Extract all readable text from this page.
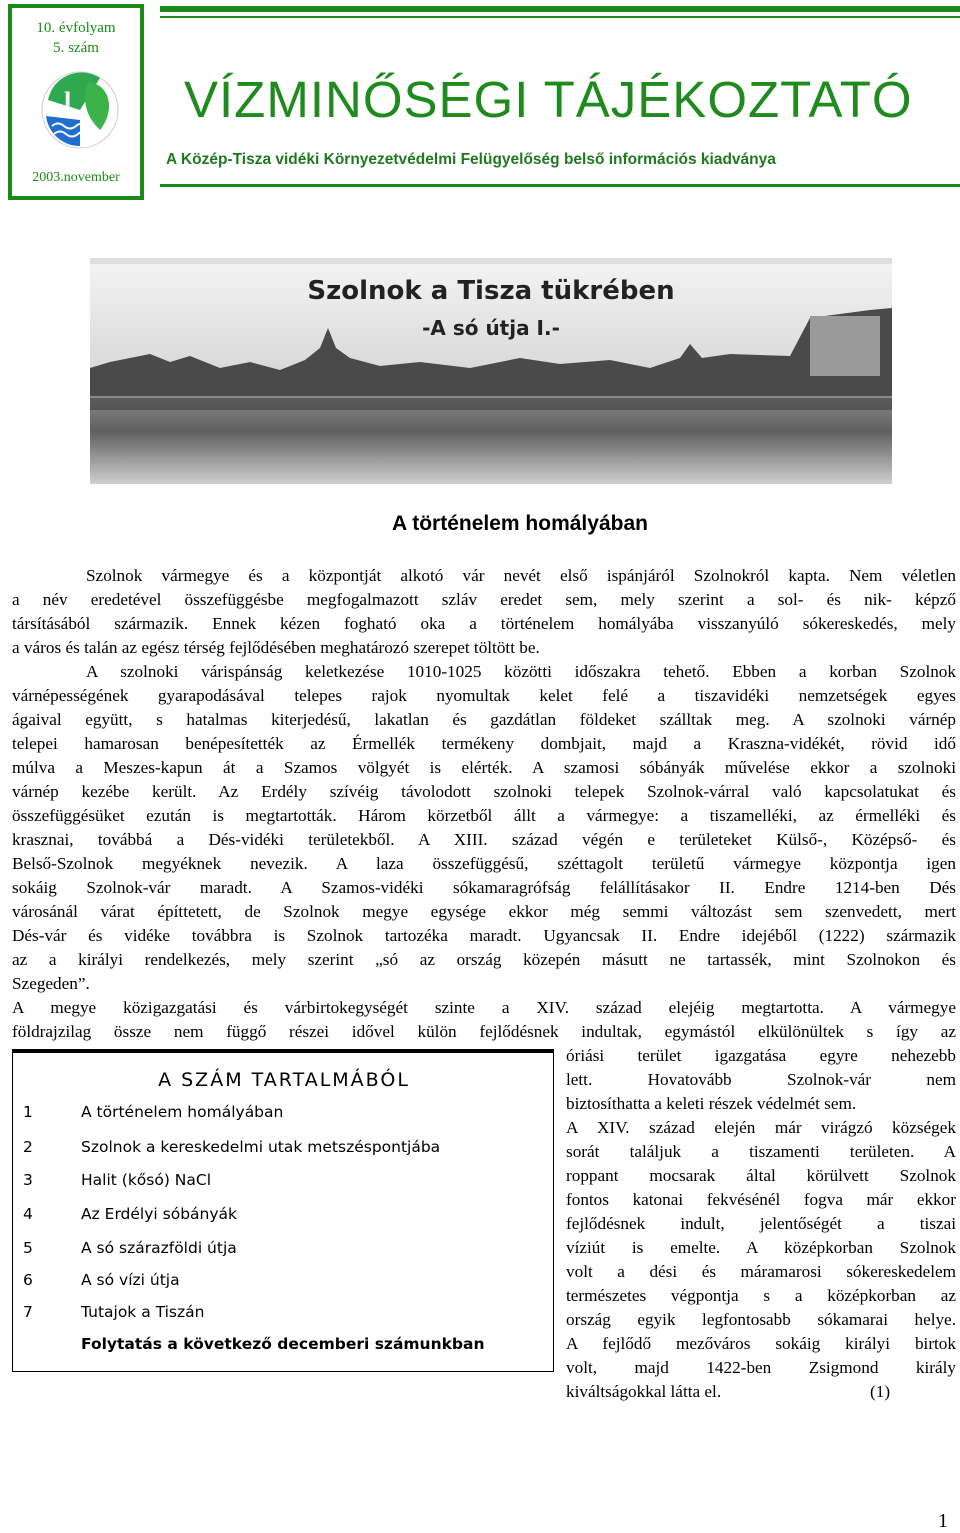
10. évfolyam
5. szám
l
2003.november
VÍZMINŐSÉGI TÁJÉKOZTATÓ
A Közép-Tisza vidéki Környezetvédelmi Felügyelőség belső információs kiadványa
Szolnok a Tisza tükrében
-A só útja I.-
A történelem homályában

Szolnok vármegye és a központját alkotó vár nevét első ispánjáról Szolnokról kapta. Nem véletlen

a név eredetével összefüggésbe megfogalmazott szláv eredet sem, mely szerint a sol- és nik- képző

társításából származik. Ennek kézen fogható oka a történelem homályába visszanyúló sókereskedés, mely

a város és talán az egész térség fejlődésében meghatározó szerepet töltött be.

A szolnoki várispánság keletkezése 1010-1025 közötti időszakra tehető. Ebben a korban Szolnok

várnépességének gyarapodásával telepes rajok nyomultak kelet felé a tiszavidéki nemzetségek egyes

ágaival együtt, s hatalmas kiterjedésű, lakatlan és gazdátlan földeket szálltak meg. A szolnoki várnép

telepei hamarosan benépesítették az Érmellék termékeny dombjait, majd a Kraszna-vidékét, rövid idő

múlva a Meszes-kapun át a Szamos völgyét is elérték. A szamosi sóbányák művelése ekkor a szolnoki

várnép kezébe került. Az Erdély szívéig távolodott szolnoki telepek Szolnok-várral való kapcsolatukat és

összefüggésüket ezután is megtartották. Három körzetből állt a vármegye: a tiszamelléki, az érmelléki és

krasznai, továbbá a Dés-vidéki területekből. A XIII. század végén e területeket Külső-, Középső- és

Belső-Szolnok megyéknek nevezik. A laza összefüggésű, széttagolt területű vármegye központja igen

sokáig Szolnok-vár maradt. A Szamos-vidéki sókamaragrófság felállításakor II. Endre 1214-ben Dés

városánál várat építtetett, de Szolnok megye egysége ekkor még semmi változást sem szenvedett, mert

Dés-vár és vidéke továbbra is Szolnok tartozéka maradt. Ugyancsak II. Endre idejéből (1222) származik

az a királyi rendelkezés, mely szerint „só az ország közepén másutt ne tartassék, mint Szolnokon és

Szegeden”.

A megye közigazgatási és várbirtokegységét szinte a XIV. század elejéig megtartotta. A vármegye

földrajzilag össze nem függő részei idővel külön fejlődésnek indultak, egymástól elkülönültek s így az

óriási terület igazgatása egyre nehezebb

lett. Hovatovább Szolnok-vár nem

biztosíthatta a keleti részek védelmét sem.

A XIV. század elején már virágzó községek

sorát találjuk a tiszamenti területen. A

roppant mocsarak által körülvett Szolnok

fontos katonai fekvésénél fogva már ekkor

fejlődésnek indult, jelentőségét a tiszai

víziút is emelte. A középkorban Szolnok

volt a dési és máramarosi sókereskedelem

természetes végpontja s a középkorban az

ország egyik legfontosabb sókamarai helye.

A fejlődő mezőváros sokáig királyi birtok

volt, majd 1422-ben Zsigmond király

kiváltságokkal látta el.	(1)

A SZÁM TARTALMÁBÓL
1	A történelem homályában
2	Szolnok a kereskedelmi utak metszéspontjába
3	Halit (kősó) NaCl
4	Az Erdélyi sóbányák
5	A só szárazföldi útja
6	A só vízi útja
7	Tutajok a Tiszán
Folytatás a következő decemberi számunkban
1
